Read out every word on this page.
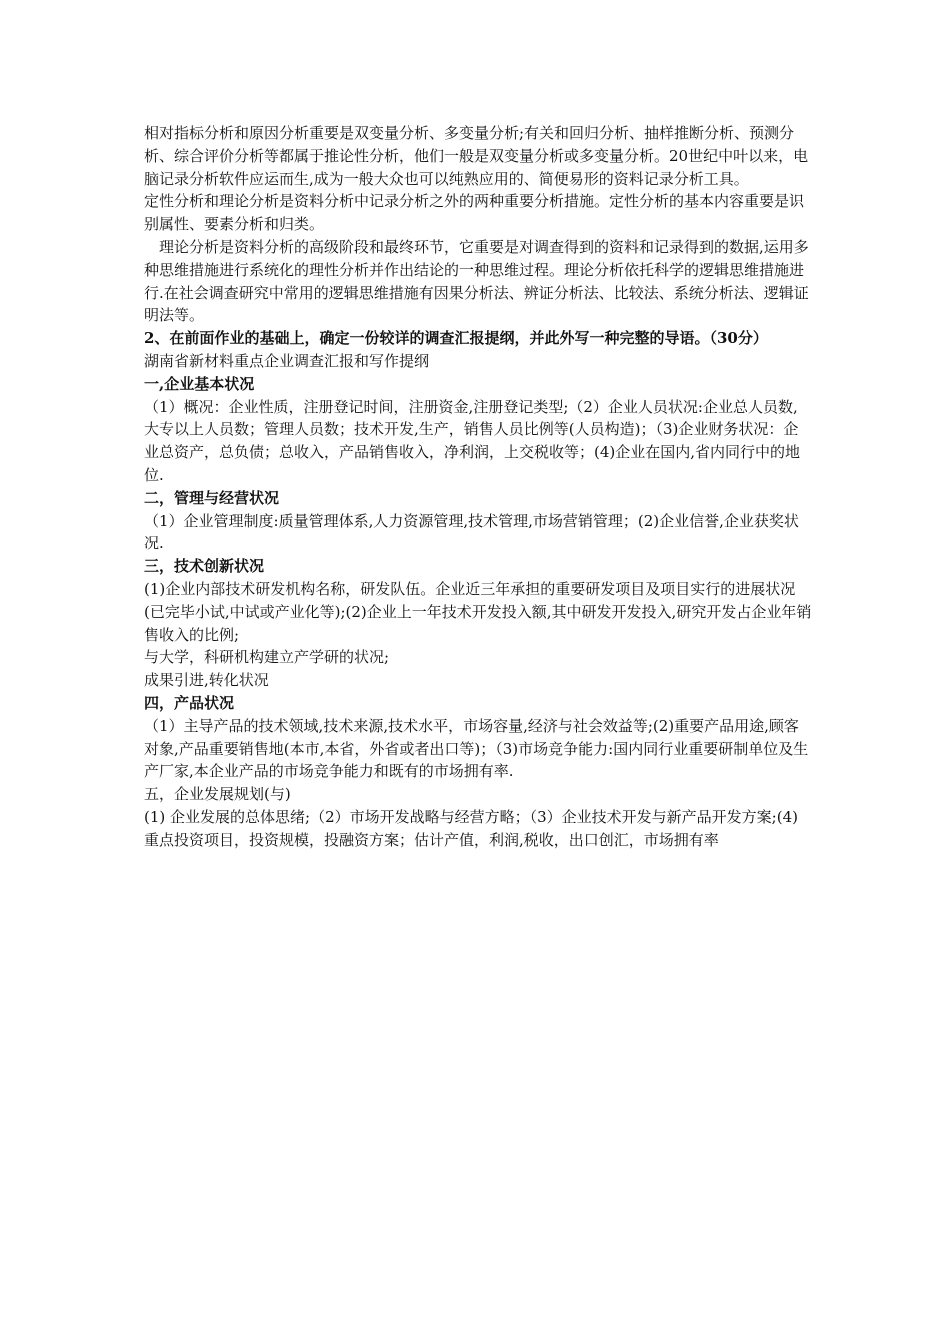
相对指标分析和原因分析重要是双变量分析、多变量分析;有关和回归分析、抽样推断分析、预测分析、综合评价分析等都属于推论性分析，他们一般是双变量分析或多变量分析。20世纪中叶以来，电脑记录分析软件应运而生,成为一般大众也可以纯熟应用的、简便易形的资料记录分析工具。

定性分析和理论分析是资料分析中记录分析之外的两种重要分析措施。定性分析的基本内容重要是识别属性、要素分析和归类。

理论分析是资料分析的高级阶段和最终环节，它重要是对调查得到的资料和记录得到的数据,运用多种思维措施进行系统化的理性分析并作出结论的一种思维过程。理论分析依托科学的逻辑思维措施进行.在社会调查研究中常用的逻辑思维措施有因果分析法、辨证分析法、比较法、系统分析法、逻辑证明法等。

2、在前面作业的基础上，确定一份较详的调查汇报提纲，并此外写一种完整的导语。（30分）

湖南省新材料重点企业调查汇报和写作提纲

一,企业基本状况

（1）概况：企业性质，注册登记时间，注册资金,注册登记类型;（2）企业人员状况:企业总人员数,大专以上人员数；管理人员数；技术开发,生产，销售人员比例等(人员构造)；（3)企业财务状况：企业总资产，总负债；总收入，产品销售收入，净利润，上交税收等；(4)企业在国内,省内同行中的地位.

二，管理与经营状况

（1）企业管理制度:质量管理体系,人力资源管理,技术管理,市场营销管理；(2)企业信誉,企业获奖状况.

三，技术创新状况

(1)企业内部技术研发机构名称，研发队伍。企业近三年承担的重要研发项目及项目实行的进展状况(已完毕小试,中试或产业化等);(2)企业上一年技术开发投入额,其中研发开发投入,研究开发占企业年销售收入的比例;

与大学，科研机构建立产学研的状况;

成果引进,转化状况

四，产品状况

（1）主导产品的技术领域,技术来源,技术水平，市场容量,经济与社会效益等;(2)重要产品用途,顾客对象,产品重要销售地(本市,本省，外省或者出口等)；（3)市场竞争能力:国内同行业重要研制单位及生产厂家,本企业产品的市场竞争能力和既有的市场拥有率.

五，企业发展规划(与)

(1) 企业发展的总体思绪;（2）市场开发战略与经营方略；（3）企业技术开发与新产品开发方案;(4)重点投资项目，投资规模，投融资方案；估计产值，利润,税收，出口创汇，市场拥有率
